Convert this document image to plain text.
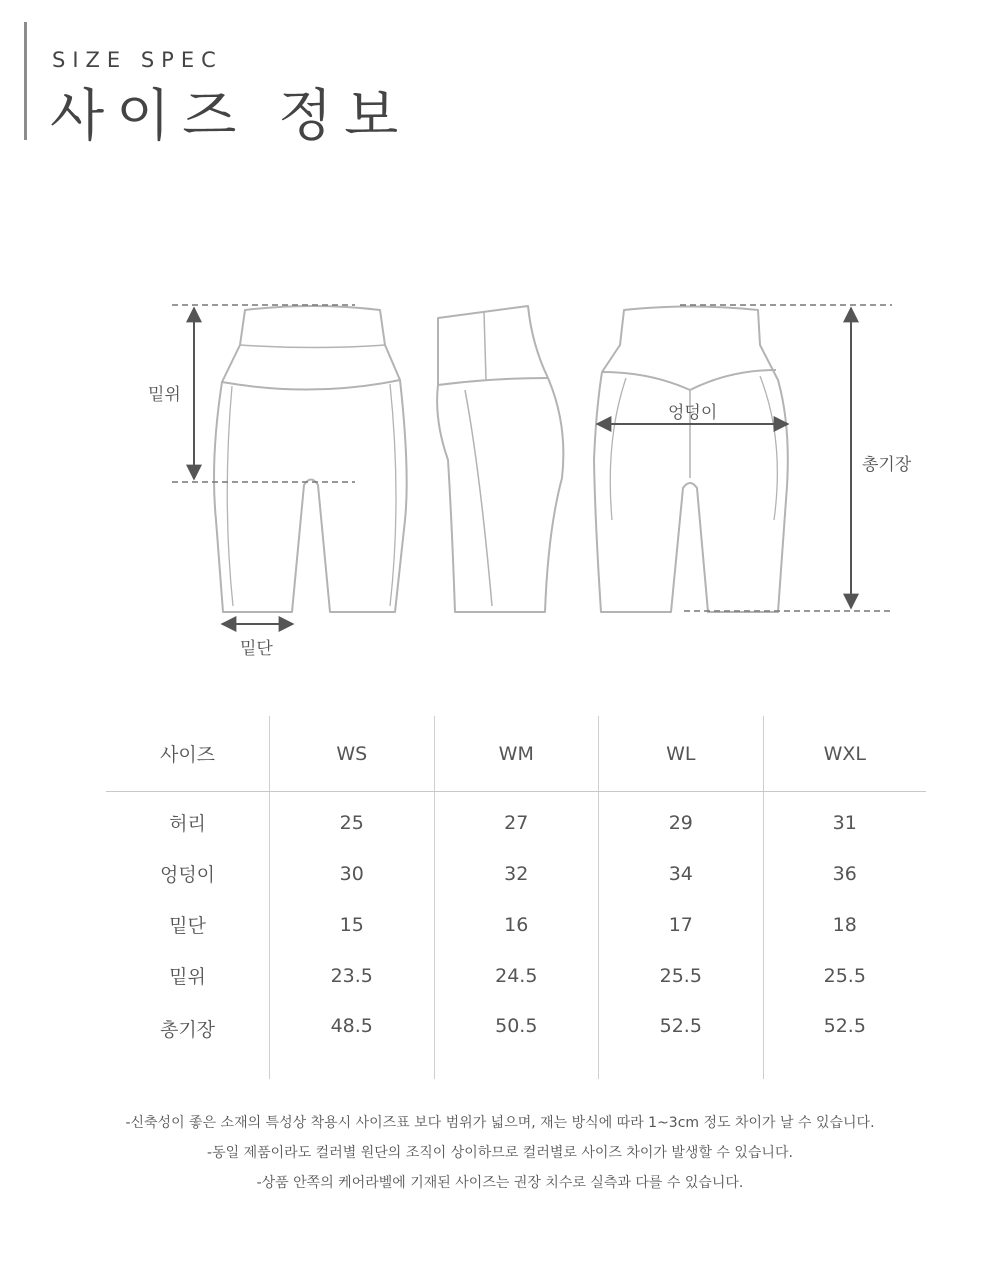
SIZE SPEC
사이즈 정보
밑위
밑단
엉덩이
총기장
사이즈	WS	WM	WL	WXL
허리	25	27	29	31
엉덩이	30	32	34	36
밑단	15	16	17	18
밑위	23.5	24.5	25.5	25.5
총기장	48.5	50.5	52.5	52.5
-신축성이 좋은 소재의 특성상 착용시 사이즈표 보다 범위가 넓으며, 재는 방식에 따라 1~3cm 정도 차이가 날 수 있습니다.
-동일 제품이라도 컬러별 원단의 조직이 상이하므로 컬러별로 사이즈 차이가 발생할 수 있습니다.
-상품 안쪽의 케어라벨에 기재된 사이즈는 권장 치수로 실측과 다를 수 있습니다.
